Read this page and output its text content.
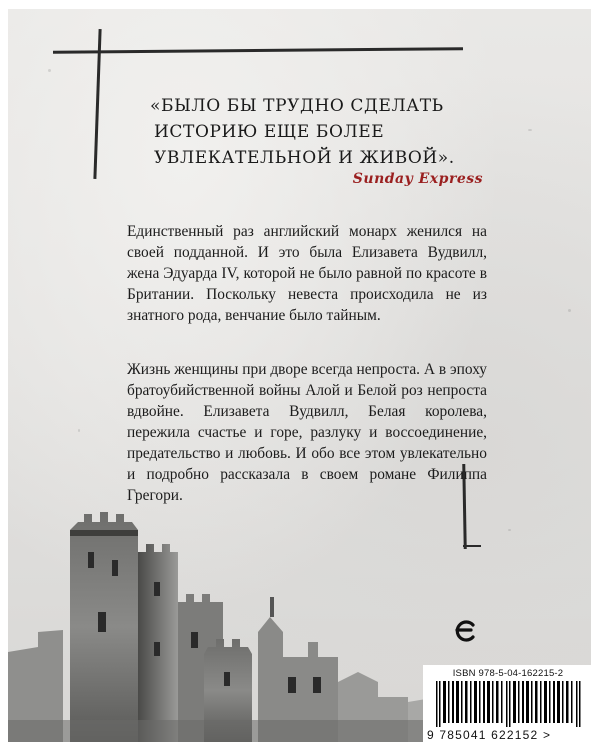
«БЫЛО БЫ ТРУДНО СДЕЛАТЬ
ИСТОРИЮ ЕЩЕ БОЛЕЕ
УВЛЕКАТЕЛЬНОЙ И ЖИВОЙ».
Sunday Express

Единственный раз английский монарх женился на своей подданной. И это была Елизавета Вудвилл, жена Эдуарда IV, которой не было равной по красоте в Британии. Поскольку невеста происходила не из знатного рода, венчание было тайным.

Жизнь женщины при дворе всегда непроста. А в эпоху братоубийственной войны Алой и Белой роз непроста вдвойне. Елизавета Вудвилл, Белая королева, пережила счастье и горе, разлуку и воссоединение, предательство и любовь. И обо все этом увлекательно и подробно рассказала в своем романе Филиппа Грегори.

ISBN 978-5-04-162215-2
9 785041 622152 >
